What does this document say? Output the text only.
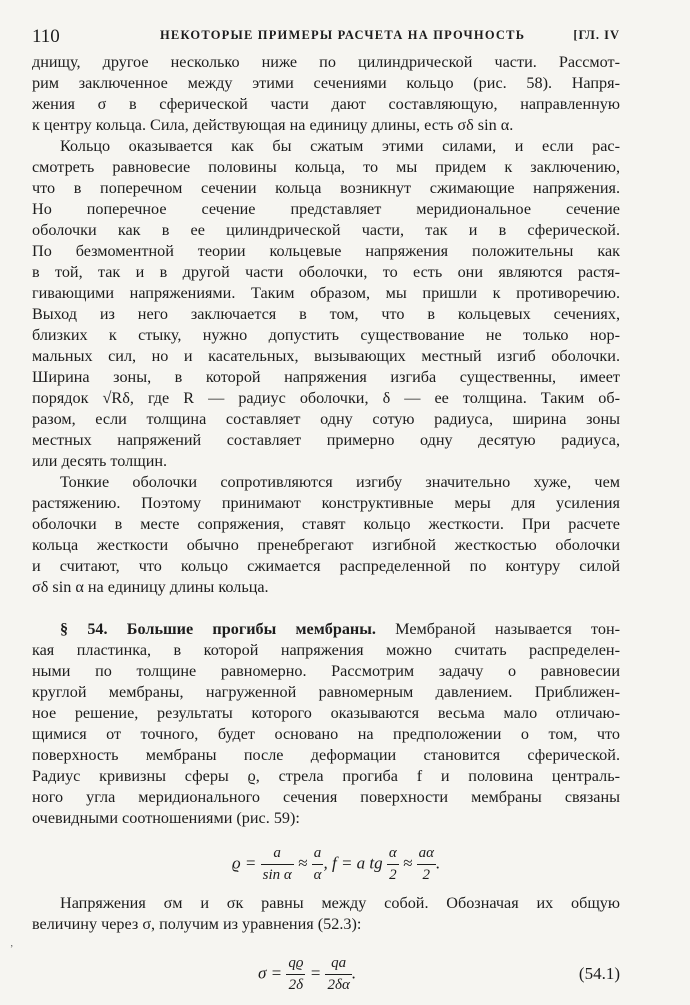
110	НЕКОТОРЫЕ ПРИМЕРЫ РАСЧЕТА НА ПРОЧНОСТЬ	[ГЛ. IV
днищу, другое несколько ниже по цилиндрической части. Рассмот-
рим заключенное между этими сечениями кольцо (рис. 58). Напря-
жения σ в сферической части дают составляющую, направленную
к центру кольца. Сила, действующая на единицу длины, есть σδ sin α.
Кольцо оказывается как бы сжатым этими силами, и если рас-
смотреть равновесие половины кольца, то мы придем к заключению,
что в поперечном сечении кольца возникнут сжимающие напряжения.
Но поперечное сечение представляет меридиональное сечение
оболочки как в ее цилиндрической части, так и в сферической.
По безмоментной теории кольцевые напряжения положительны как
в той, так и в другой части оболочки, то есть они являются растя-
гивающими напряжениями. Таким образом, мы пришли к противоречию.
Выход из него заключается в том, что в кольцевых сечениях,
близких к стыку, нужно допустить существование не только нор-
мальных сил, но и касательных, вызывающих местный изгиб оболочки.
Ширина зоны, в которой напряжения изгиба существенны, имеет
порядок √Rδ, где R — радиус оболочки, δ — ее толщина. Таким об-
разом, если толщина составляет одну сотую радиуса, ширина зоны
местных напряжений составляет примерно одну десятую радиуса,
или десять толщин.
Тонкие оболочки сопротивляются изгибу значительно хуже, чем
растяжению. Поэтому принимают конструктивные меры для усиления
оболочки в месте сопряжения, ставят кольцо жесткости. При расчете
кольца жесткости обычно пренебрегают изгибной жесткостью оболочки
и считают, что кольцо сжимается распределенной по контуру силой
σδ sin α на единицу длины кольца.
§ 54. Большие прогибы мембраны. Мембраной называется тон-
кая пластинка, в которой напряжения можно считать распределен-
ными по толщине равномерно. Рассмотрим задачу о равновесии
круглой мембраны, нагруженной равномерным давлением. Приближен-
ное решение, результаты которого оказываются весьма мало отличаю-
щимися от точного, будет основано на предположении о том, что
поверхность мембраны после деформации становится сферической.
Радиус кривизны сферы ϱ, стрела прогиба f и половина централь-
ного угла меридионального сечения поверхности мембраны связаны
очевидными соотношениями (рис. 59):
$ϱ = \frac{a}{\text{sin α}} \approx \frac{a}{\alpha}$ , f = a tg $\frac{\alpha}{2} \approx \frac{a\alpha}{2}$ .
Напряжения σм и σк равны между собой. Обозначая их общую
величину через σ, получим из уравнения (52.3):
$\sigma = \frac{qϱ}{2\delta} = \frac{qa}{2\delta\alpha}$ .	(54.1)
ʼ
